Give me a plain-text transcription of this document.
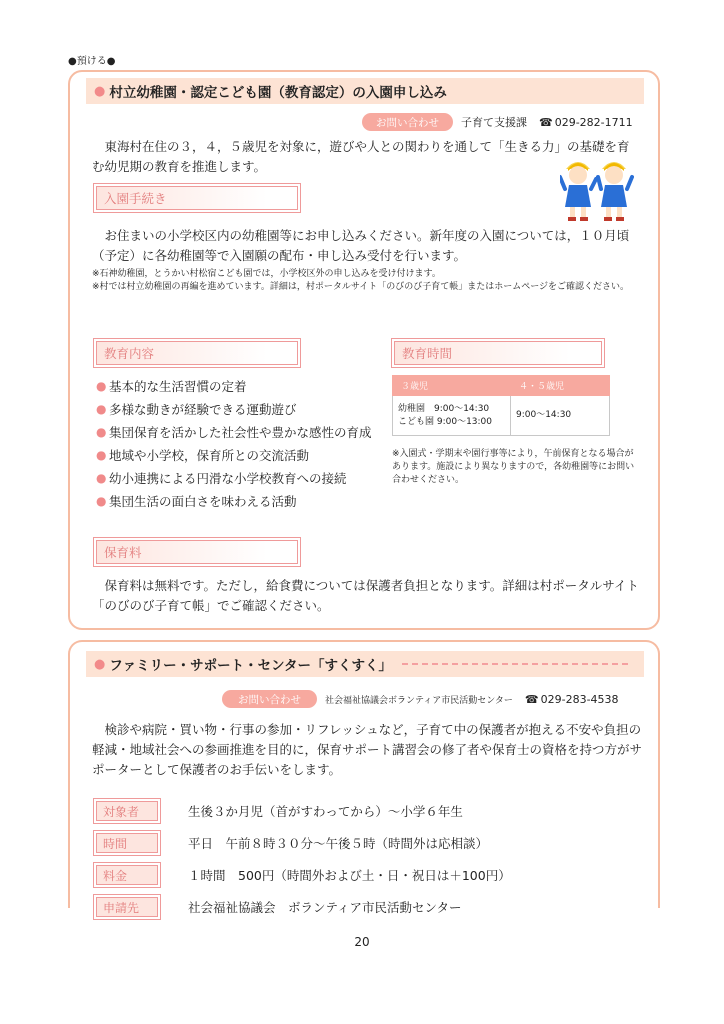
●預ける●
● 村立幼稚園・認定こども園（教育認定）の入園申し込み
お問い合わせ	子育て支援課 ☎ 029-282-1711

東海村在住の３，４，５歳児を対象に，遊びや人との関わりを通して「生きる力」の基礎を育む幼児期の教育を推進します。

入園手続き

お住まいの小学校区内の幼稚園等にお申し込みください。新年度の入園については，１０月頃（予定）に各幼稚園等で入園願の配布・申し込み受付を行います。

※石神幼稚園，とうかい村松宿こども園では，小学校区外の申し込みを受け付けます。

※村では村立幼稚園の再編を進めています。詳細は，村ポータルサイト「のびのび子育て帳」またはホームページをご確認ください。

教育内容	教育時間
● 基本的な生活習慣の定着
● 多様な動きが経験できる運動遊び
● 集団保育を活かした社会性や豊かな感性の育成
● 地域や小学校，保育所との交流活動
● 幼小連携による円滑な小学校教育への接続
● 集団生活の面白さを味わえる活動
３歳児	４・５歳児

幼稚園　9:00～14:30
こども園 9:00～13:00	9:00～14:30

※入園式・学期末や園行事等により，午前保育となる場合があります。施設により異なりますので，各幼稚園等にお問い合わせください。

保育料

保育料は無料です。ただし，給食費については保護者負担となります。詳細は村ポータルサイト「のびのび子育て帳」でご確認ください。

● ファミリー・サポート・センター「すくすく」
お問い合わせ	社会福祉協議会ボランティア市民活動センター ☎ 029-283-4538

検診や病院・買い物・行事の参加・リフレッシュなど，子育て中の保護者が抱える不安や負担の軽減・地域社会への参画推進を目的に，保育サポート講習会の修了者や保育士の資格を持つ方がサポーターとして保護者のお手伝いをします。

対象者	生後３か月児（首がすわってから）～小学６年生
時間	平日　午前８時３０分～午後５時（時間外は応相談）
料金	１時間　500円（時間外および土・日・祝日は＋100円）
申請先	社会福祉協議会　ボランティア市民活動センター
20
